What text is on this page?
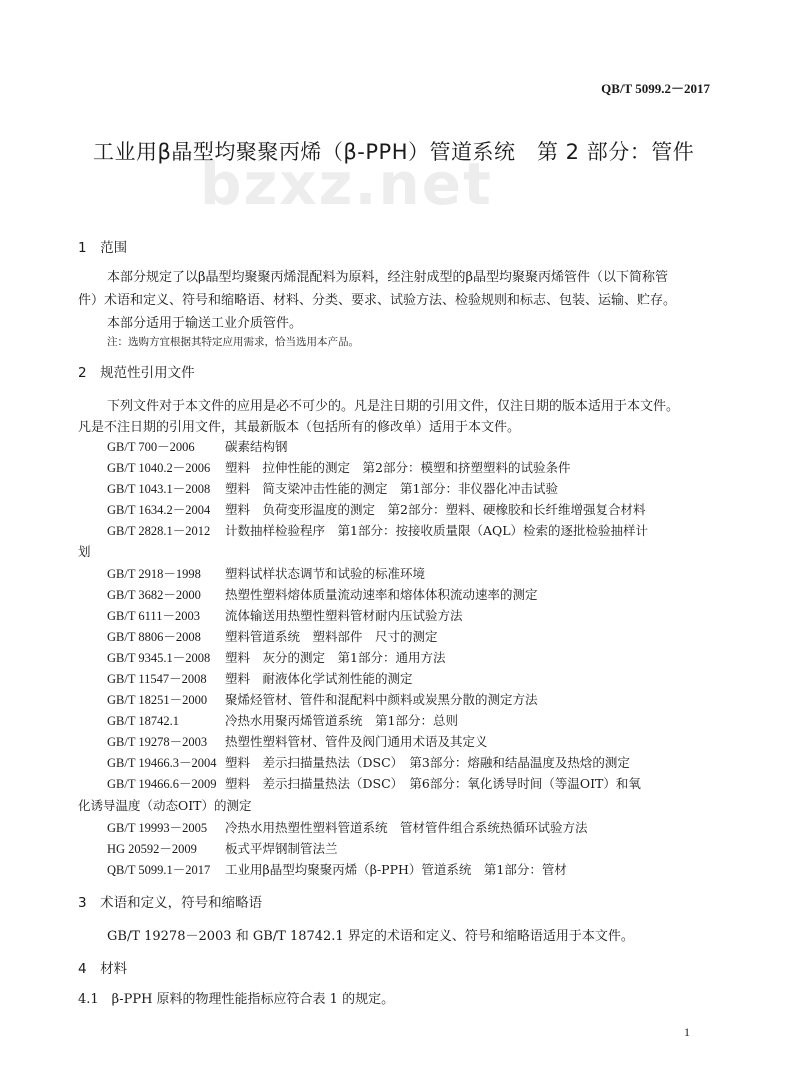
QB/T 5099.2－2017
bzxz.net
工业用β晶型均聚聚丙烯（β-PPH）管道系统　第 2 部分：管件
1　范围
本部分规定了以β晶型均聚聚丙烯混配料为原料，经注射成型的β晶型均聚聚丙烯管件（以下简称管
件）术语和定义、符号和缩略语、材料、分类、要求、试验方法、检验规则和标志、包装、运输、贮存。
本部分适用于输送工业介质管件。
注：选购方宜根据其特定应用需求，恰当选用本产品。
2　规范性引用文件
下列文件对于本文件的应用是必不可少的。凡是注日期的引用文件，仅注日期的版本适用于本文件。
凡是不注日期的引用文件，其最新版本（包括所有的修改单）适用于本文件。
GB/T 700－2006 碳素结构钢
GB/T 1040.2－2006 塑料　拉伸性能的测定　第2部分：模塑和挤塑塑料的试验条件
GB/T 1043.1－2008 塑料　简支梁冲击性能的测定　第1部分：非仪器化冲击试验
GB/T 1634.2－2004 塑料　负荷变形温度的测定　第2部分：塑料、硬橡胶和长纤维增强复合材料
GB/T 2828.1－2012 计数抽样检验程序　第1部分：按接收质量限（AQL）检索的逐批检验抽样计
划
GB/T 2918－1998 塑料试样状态调节和试验的标准环境
GB/T 3682－2000 热塑性塑料熔体质量流动速率和熔体体积流动速率的测定
GB/T 6111－2003 流体输送用热塑性塑料管材耐内压试验方法
GB/T 8806－2008 塑料管道系统　塑料部件　尺寸的测定
GB/T 9345.1－2008 塑料　灰分的测定　第1部分：通用方法
GB/T 11547－2008 塑料　耐液体化学试剂性能的测定
GB/T 18251－2000 聚烯烃管材、管件和混配料中颜料或炭黑分散的测定方法
GB/T 18742.1	冷热水用聚丙烯管道系统　第1部分：总则
GB/T 19278－2003 热塑性塑料管材、管件及阀门通用术语及其定义
GB/T 19466.3－2004 塑料　差示扫描量热法（DSC）　第3部分：熔融和结晶温度及热焓的测定
GB/T 19466.6－2009 塑料　差示扫描量热法（DSC）　第6部分：氧化诱导时间（等温OIT）和氧
化诱导温度（动态OIT）的测定
GB/T 19993－2005 冷热水用热塑性塑料管道系统　管材管件组合系统热循环试验方法
HG 20592－2009 板式平焊钢制管法兰
QB/T 5099.1－2017 工业用β晶型均聚聚丙烯（β-PPH）管道系统　第1部分：管材
3　术语和定义，符号和缩略语
GB/T 19278－2003 和 GB/T 18742.1 界定的术语和定义、符号和缩略语适用于本文件。
4　材料
4.1　β-PPH 原料的物理性能指标应符合表 1 的规定。
1
